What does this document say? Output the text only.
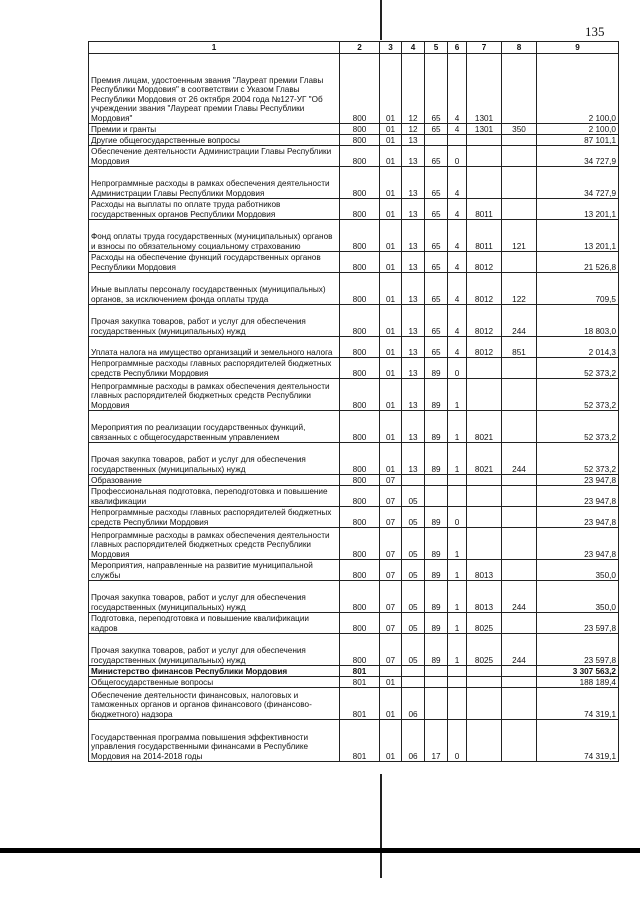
135
1	2	3	4	5	6	7	8	9
Премия лицам, удостоенным звания "Лауреат премии Главы Республики Мордовия" в соответствии с Указом Главы Республики Мордовия от 26 октября 2004 года №127-УГ "Об учреждении звания "Лауреат премии Главы Республики Мордовия"	800	01	12	65	4	1301		2 100,0
Премии и гранты	800	01	12	65	4	1301	350	2 100,0
Другие общегосударственные вопросы	800	01	13					87 101,1
Обеспечение деятельности Администрации Главы Республики Мордовия	800	01	13	65	0			34 727,9
Непрограммные расходы в рамках обеспечения деятельности Администрации Главы Республики Мордовия	800	01	13	65	4			34 727,9
Расходы на выплаты по оплате труда работников государственных органов Республики Мордовия	800	01	13	65	4	8011		13 201,1
Фонд оплаты труда государственных (муниципальных) органов и взносы по обязательному социальному страхованию	800	01	13	65	4	8011	121	13 201,1
Расходы на обеспечение функций государственных органов Республики Мордовия	800	01	13	65	4	8012		21 526,8
Иные выплаты персоналу государственных (муниципальных) органов, за исключением фонда оплаты труда	800	01	13	65	4	8012	122	709,5
Прочая закупка товаров, работ и услуг для обеспечения государственных (муниципальных) нужд	800	01	13	65	4	8012	244	18 803,0
Уплата налога на имущество организаций и земельного налога	800	01	13	65	4	8012	851	2 014,3
Непрограммные расходы главных распорядителей бюджетных средств Республики Мордовия	800	01	13	89	0			52 373,2
Непрограммные расходы в рамках обеспечения деятельности главных распорядителей бюджетных средств Республики Мордовия	800	01	13	89	1			52 373,2
Мероприятия по реализации государственных функций, связанных с общегосударственным управлением	800	01	13	89	1	8021		52 373,2
Прочая закупка товаров, работ и услуг для обеспечения государственных (муниципальных) нужд	800	01	13	89	1	8021	244	52 373,2
Образование	800	07						23 947,8
Профессиональная подготовка, переподготовка и повышение квалификации	800	07	05					23 947,8
Непрограммные расходы главных распорядителей бюджетных средств Республики Мордовия	800	07	05	89	0			23 947,8
Непрограммные расходы в рамках обеспечения деятельности главных распорядителей бюджетных средств Республики Мордовия	800	07	05	89	1			23 947,8
Мероприятия, направленные на развитие муниципальной службы	800	07	05	89	1	8013		350,0
Прочая закупка товаров, работ и услуг для обеспечения государственных (муниципальных) нужд	800	07	05	89	1	8013	244	350,0
Подготовка, переподготовка и повышение квалификации кадров	800	07	05	89	1	8025		23 597,8
Прочая закупка товаров, работ и услуг для обеспечения государственных (муниципальных) нужд	800	07	05	89	1	8025	244	23 597,8
Министерство финансов Республики Мордовия	801							3 307 563,2
Общегосударственные вопросы	801	01						188 189,4
Обеспечение деятельности финансовых, налоговых и таможенных органов и органов финансового (финансово-бюджетного) надзора	801	01	06					74 319,1
Государственная программа повышения эффективности управления государственными финансами в Республике Мордовия на 2014-2018 годы	801	01	06	17	0			74 319,1
